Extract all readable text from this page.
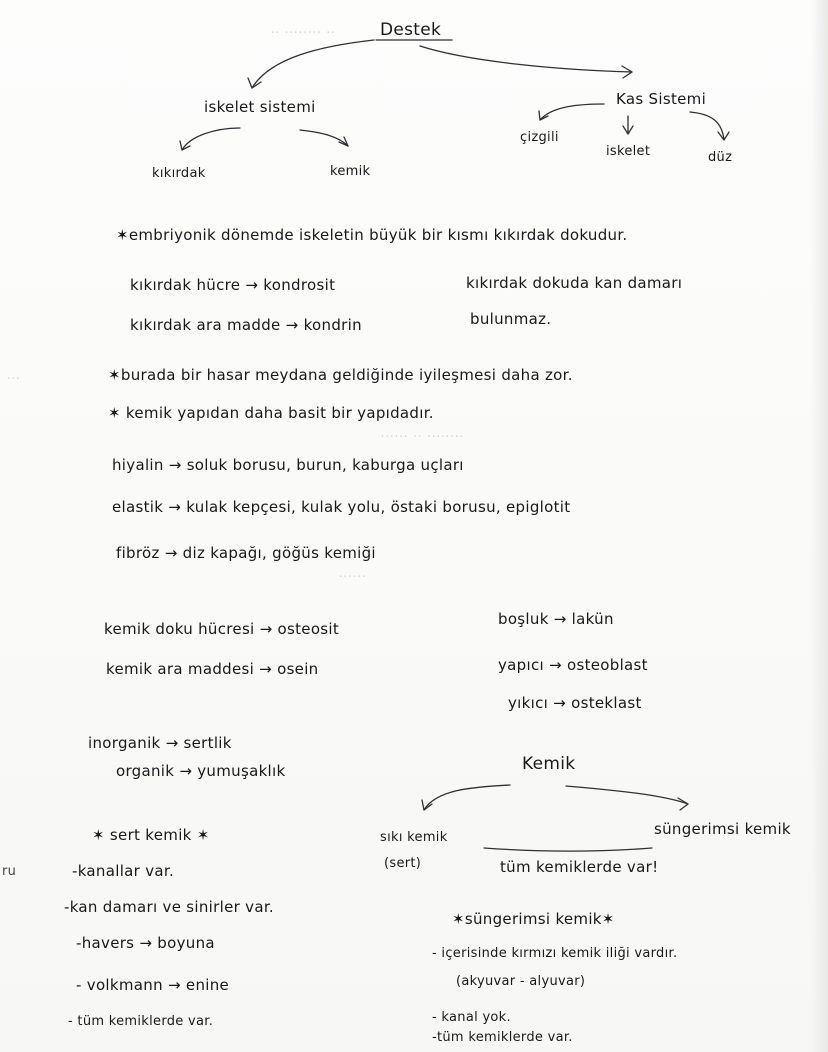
·· ········ ··
···
········ ·· ······
······
Destek
iskelet sistemi	Kas Sistemi
kıkırdak	kemik
çizgili
iskelet	düz
✶embriyonik dönemde iskeletin büyük bir kısmı kıkırdak dokudur.
kıkırdak hücre → kondrosit
kıkırdak ara madde → kondrin
kıkırdak dokuda kan damarı
bulunmaz.
✶burada bir hasar meydana geldiğinde iyileşmesi daha zor.
✶ kemik yapıdan daha basit bir yapıdadır.
hiyalin → soluk borusu, burun, kaburga uçları
elastik → kulak kepçesi, kulak yolu, östaki borusu, epiglotit
fibröz → diz kapağı, göğüs kemiği
kemik doku hücresi → osteosit
kemik ara maddesi → osein
boşluk → lakün
yapıcı → osteoblast
yıkıcı → osteklast
inorganik → sertlik
organik → yumuşaklık	Kemik
sıkı kemik
(sert)
süngerimsi kemik
tüm kemiklerde var!
✶ sert kemik ✶
-kanallar var.
-kan damarı ve sinirler var.
-havers → boyuna
- volkmann → enine
- tüm kemiklerde var.
✶süngerimsi kemik✶
- içerisinde kırmızı kemik iliği vardır.
(akyuvar - alyuvar)
- kanal yok.
-tüm kemiklerde var.
ru
